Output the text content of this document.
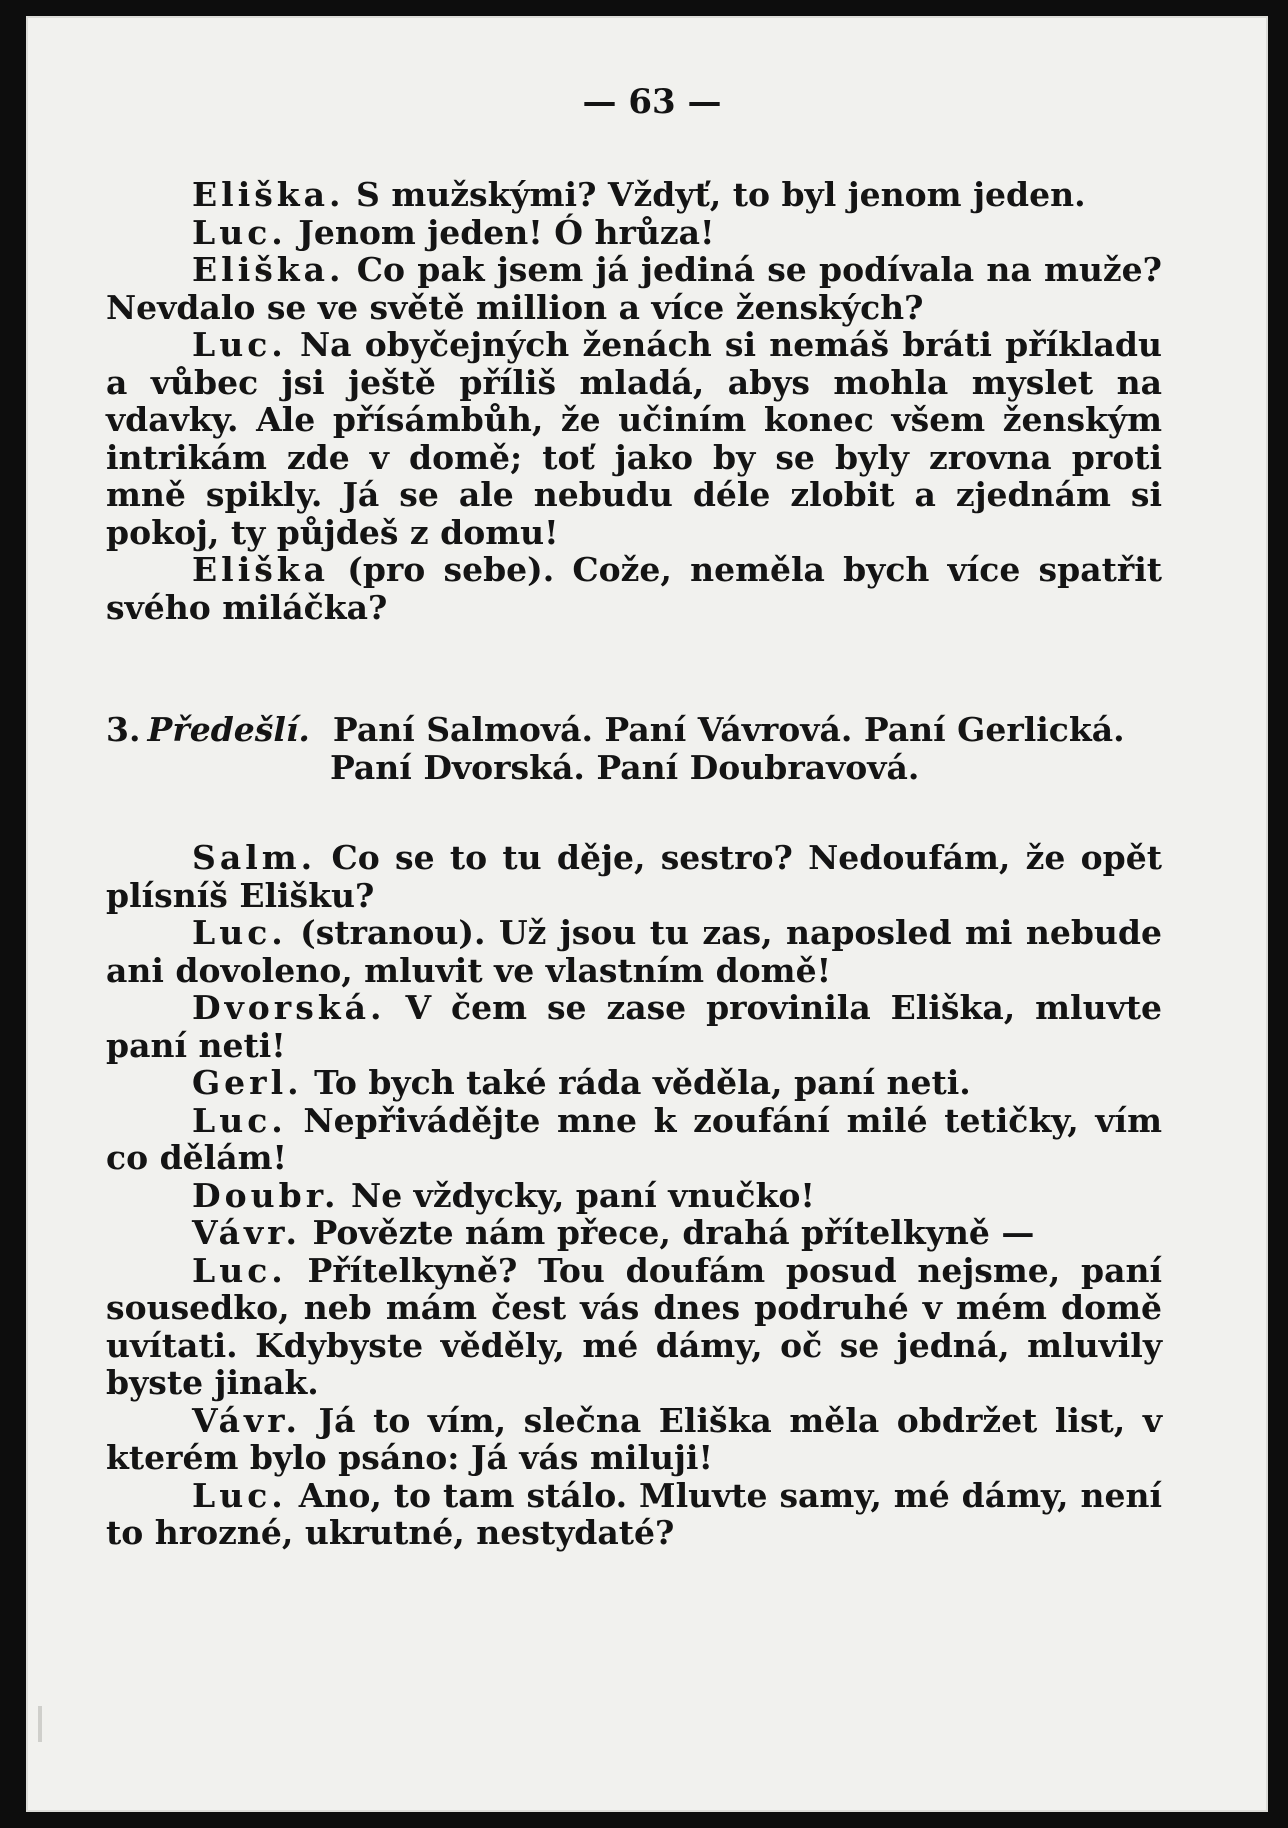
— 63 —

Eliška. S mužskými? Vždyť, to byl jenom jeden.

Luc. Jenom jeden! Ó hrůza!

Eliška. Co pak jsem já jediná se podívala na muže? Nevdalo se ve světě million a více ženských?

Luc. Na obyčejných ženách si nemáš bráti příkladu a vůbec jsi ještě příliš mladá, abys mohla myslet na vdavky. Ale přísámbůh, že učiním konec všem ženským intrikám zde v domě; toť jako by se byly zrovna proti mně spikly. Já se ale nebudu déle zlobit a zjednám si pokoj, ty půjdeš z domu!

Eliška (pro sebe). Cože, neměla bych více spatřit svého miláčka?

3. Předešlí. Paní Salmová. Paní Vávrová. Paní Gerlická.
Paní Dvorská. Paní Doubravová.

Salm. Co se to tu děje, sestro? Nedoufám, že opět plísníš Elišku?

Luc. (stranou). Už jsou tu zas, naposled mi nebude ani dovoleno, mluvit ve vlastním domě!

Dvorská. V čem se zase provinila Eliška, mluvte paní neti!

Gerl. To bych také ráda věděla, paní neti.

Luc. Nepřivádějte mne k zoufání milé tetičky, vím co dělám!

Doubr. Ne vždycky, paní vnučko!

Vávr. Povězte nám přece, drahá přítelkyně —

Luc. Přítelkyně? Tou doufám posud nejsme, paní sousedko, neb mám čest vás dnes podruhé v mém domě uvítati. Kdybyste věděly, mé dámy, oč se jedná, mluvily byste jinak.

Vávr. Já to vím, slečna Eliška měla obdržet list, v kterém bylo psáno: Já vás miluji!

Luc. Ano, to tam stálo. Mluvte samy, mé dámy, není to hrozné, ukrutné, nestydaté?
